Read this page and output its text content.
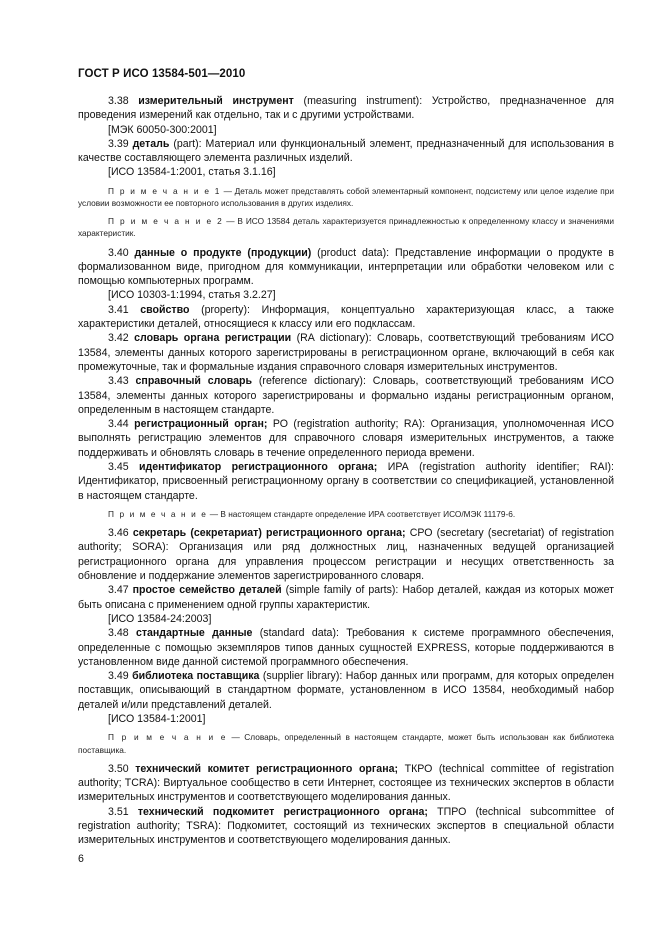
ГОСТ Р ИСО 13584-501—2010

3.38 измерительный инструмент (measuring instrument): Устройство, предназначенное для проведения измерений как отдельно, так и с другими устройствами.

[МЭК 60050-300:2001]

3.39 деталь (part): Материал или функциональный элемент, предназначенный для использования в качестве составляющего элемента различных изделий.

[ИСО 13584-1:2001, статья 3.1.16]

П р и м е ч а н и е 1 — Деталь может представлять собой элементарный компонент, подсистему или целое изделие при условии возможности ее повторного использования в других изделиях.

П р и м е ч а н и е 2 — В ИСО 13584 деталь характеризуется принадлежностью к определенному классу и значениями характеристик.

3.40 данные о продукте (продукции) (product data): Представление информации о продукте в формализованном виде, пригодном для коммуникации, интерпретации или обработки человеком или с помощью компьютерных программ.

[ИСО 10303-1:1994, статья 3.2.27]

3.41 свойство (property): Информация, концептуально характеризующая класс, а также характеристики деталей, относящиеся к классу или его подклассам.

3.42 словарь органа регистрации (RA dictionary): Словарь, соответствующий требованиям ИСО 13584, элементы данных которого зарегистрированы в регистрационном органе, включающий в себя как промежуточные, так и формальные издания справочного словаря измерительных инструментов.

3.43 справочный словарь (reference dictionary): Словарь, соответствующий требованиям ИСО 13584, элементы данных которого зарегистрированы и формально изданы регистрационным органом, определенным в настоящем стандарте.

3.44 регистрационный орган; РО (registration authority; RA): Организация, уполномоченная ИСО выполнять регистрацию элементов для справочного словаря измерительных инструментов, а также поддерживать и обновлять словарь в течение определенного периода времени.

3.45 идентификатор регистрационного органа; ИРА (registration authority identifier; RAI): Идентификатор, присвоенный регистрационному органу в соответствии со спецификацией, установленной в настоящем стандарте.

П р и м е ч а н и е — В настоящем стандарте определение ИРА соответствует ИСО/МЭК 11179-6.

3.46 секретарь (секретариат) регистрационного органа; СРО (secretary (secretariat) of registration authority; SORA): Организация или ряд должностных лиц, назначенных ведущей организацией регистрационного органа для управления процессом регистрации и несущих ответственность за обновление и поддержание элементов зарегистрированного словаря.

3.47 простое семейство деталей (simple family of parts): Набор деталей, каждая из которых может быть описана с применением одной группы характеристик.

[ИСО 13584-24:2003]

3.48 стандартные данные (standard data): Требования к системе программного обеспечения, определенные с помощью экземпляров типов данных сущностей EXPRESS, которые поддерживаются в установленном виде данной системой программного обеспечения.

3.49 библиотека поставщика (supplier library): Набор данных или программ, для которых определен поставщик, описывающий в стандартном формате, установленном в ИСО 13584, необходимый набор деталей и/или представлений деталей.

[ИСО 13584-1:2001]

П р и м е ч а н и е — Словарь, определенный в настоящем стандарте, может быть использован как библиотека поставщика.

3.50 технический комитет регистрационного органа; ТКРО (technical committee of registration authority; TCRA): Виртуальное сообщество в сети Интернет, состоящее из технических экспертов в области измерительных инструментов и соответствующего моделирования данных.

3.51 технический подкомитет регистрационного органа; ТПРО (technical subcommittee of registration authority; TSRA): Подкомитет, состоящий из технических экспертов в специальной области измерительных инструментов и соответствующего моделирования данных.

6
